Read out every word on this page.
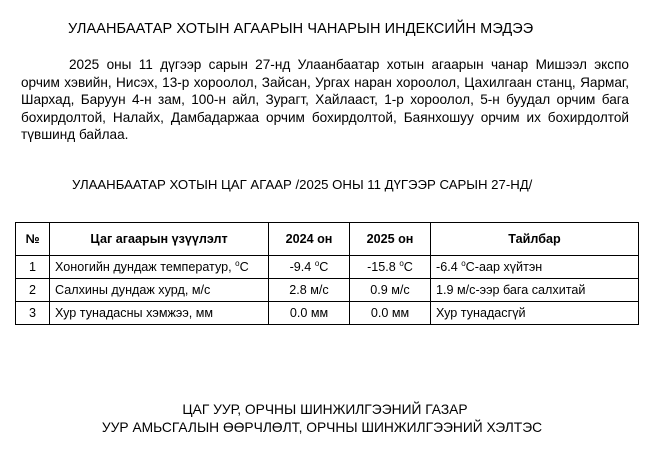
УЛААНБААТАР ХОТЫН АГААРЫН ЧАНАРЫН ИНДЕКСИЙН МЭДЭЭ

2025 оны 11 дүгээр сарын 27-нд Улаанбаатар хотын агаарын чанар Мишээл экспо орчим хэвийн, Нисэх, 13-р хороолол, Зайсан, Ургах наран хороолол, Цахилгаан станц, Яармаг, Шархад, Баруун 4-н зам, 100-н айл, Зурагт, Хайлааст, 1-р хороолол, 5-н буудал орчим бага бохирдолтой, Налайх, Дамбадаржаа орчим бохирдолтой, Баянхошуу орчим их бохирдолтой түвшинд байлаа.

УЛААНБААТАР ХОТЫН ЦАГ АГААР /2025 ОНЫ 11 ДҮГЭЭР САРЫН 27-НД/
№	Цаг агаарын үзүүлэлт	2024 он	2025 он	Тайлбар
1	Хоногийн дундаж температур, $^o$C	-9.4 $^o$C	-15.8 $^o$C	-6.4 $^o$C-аар хүйтэн
2	Салхины дундаж хурд, м/с	2.8 м/с	0.9 м/с	1.9 м/с-ээр бага салхитай
3	Хур тунадасны хэмжээ, мм	0.0 мм	0.0 мм	Хур тунадасгүй
ЦАГ УУР, ОРЧНЫ ШИНЖИЛГЭЭНИЙ ГАЗАР
УУР АМЬСГАЛЫН ӨӨРЧЛӨЛТ, ОРЧНЫ ШИНЖИЛГЭЭНИЙ ХЭЛТЭС
